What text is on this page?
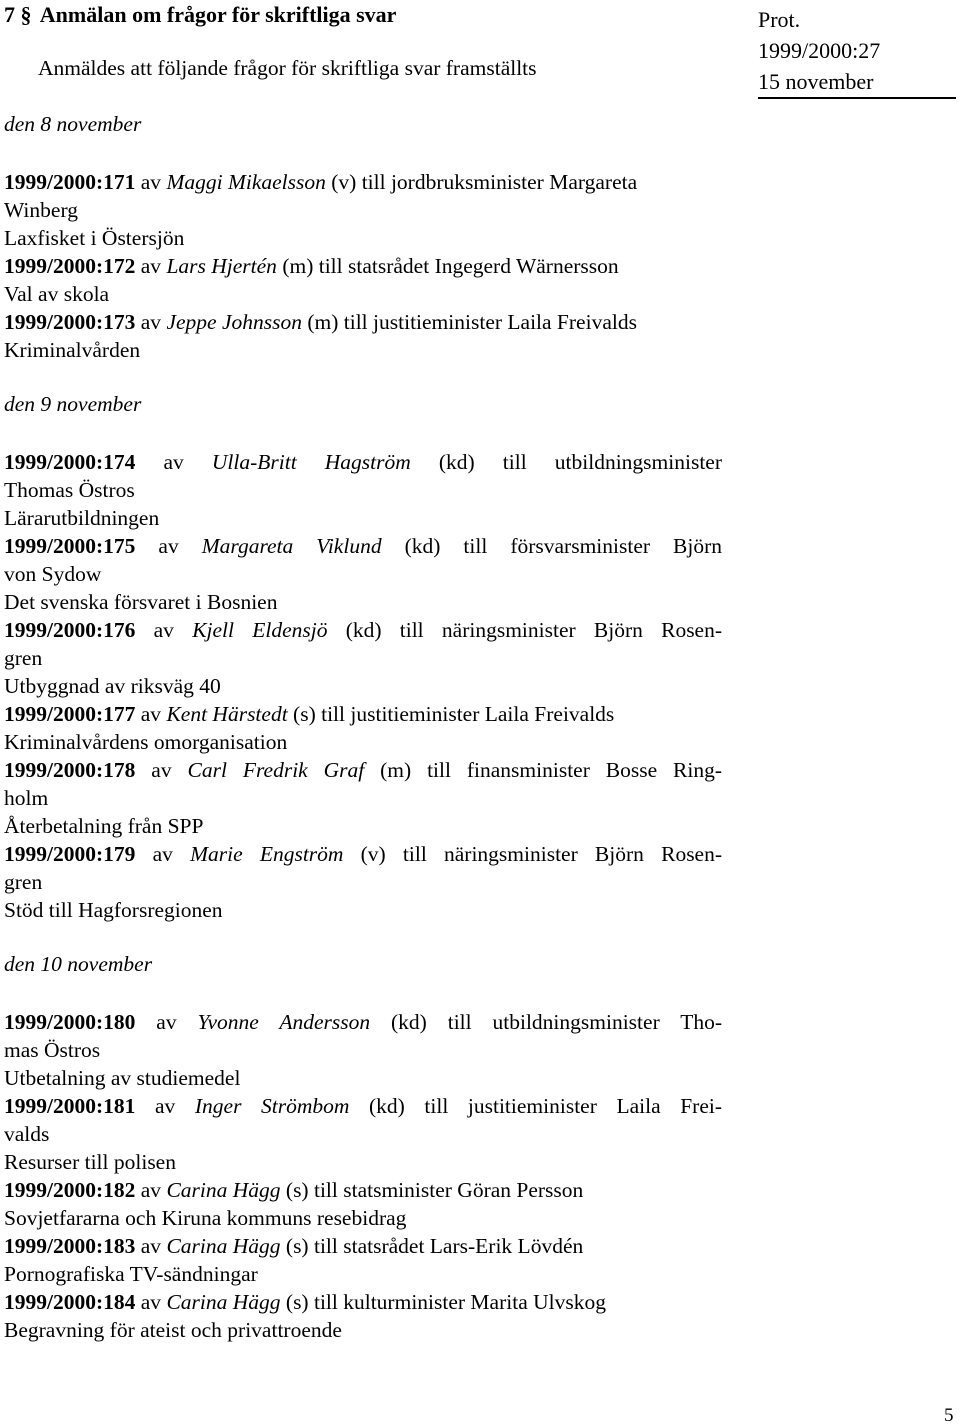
7 § Anmälan om frågor för skriftliga svar
Anmäldes att följande frågor för skriftliga svar framställts
Prot.
1999/2000:27
15 november
den 8 november
1999/2000:171 av Maggi Mikaelsson (v) till jordbruksminister Margareta
Winberg
Laxfisket i Östersjön
1999/2000:172 av Lars Hjertén (m) till statsrådet Ingegerd Wärnersson
Val av skola
1999/2000:173 av Jeppe Johnsson (m) till justitieminister Laila Freivalds
Kriminalvården
den 9 november
1999/2000:174 av Ulla-Britt Hagström (kd) till utbildningsminister
Thomas Östros
Lärarutbildningen
1999/2000:175 av Margareta Viklund (kd) till försvarsminister Björn
von Sydow
Det svenska försvaret i Bosnien
1999/2000:176 av Kjell Eldensjö (kd) till näringsminister Björn Rosen-
gren
Utbyggnad av riksväg 40
1999/2000:177 av Kent Härstedt (s) till justitieminister Laila Freivalds
Kriminalvårdens omorganisation
1999/2000:178 av Carl Fredrik Graf (m) till finansminister Bosse Ring-
holm
Återbetalning från SPP
1999/2000:179 av Marie Engström (v) till näringsminister Björn Rosen-
gren
Stöd till Hagforsregionen
den 10 november
1999/2000:180 av Yvonne Andersson (kd) till utbildningsminister Tho-
mas Östros
Utbetalning av studiemedel
1999/2000:181 av Inger Strömbom (kd) till justitieminister Laila Frei-
valds
Resurser till polisen
1999/2000:182 av Carina Hägg (s) till statsminister Göran Persson
Sovjetfararna och Kiruna kommuns resebidrag
1999/2000:183 av Carina Hägg (s) till statsrådet Lars-Erik Lövdén
Pornografiska TV-sändningar
1999/2000:184 av Carina Hägg (s) till kulturminister Marita Ulvskog
Begravning för ateist och privattroende
5
